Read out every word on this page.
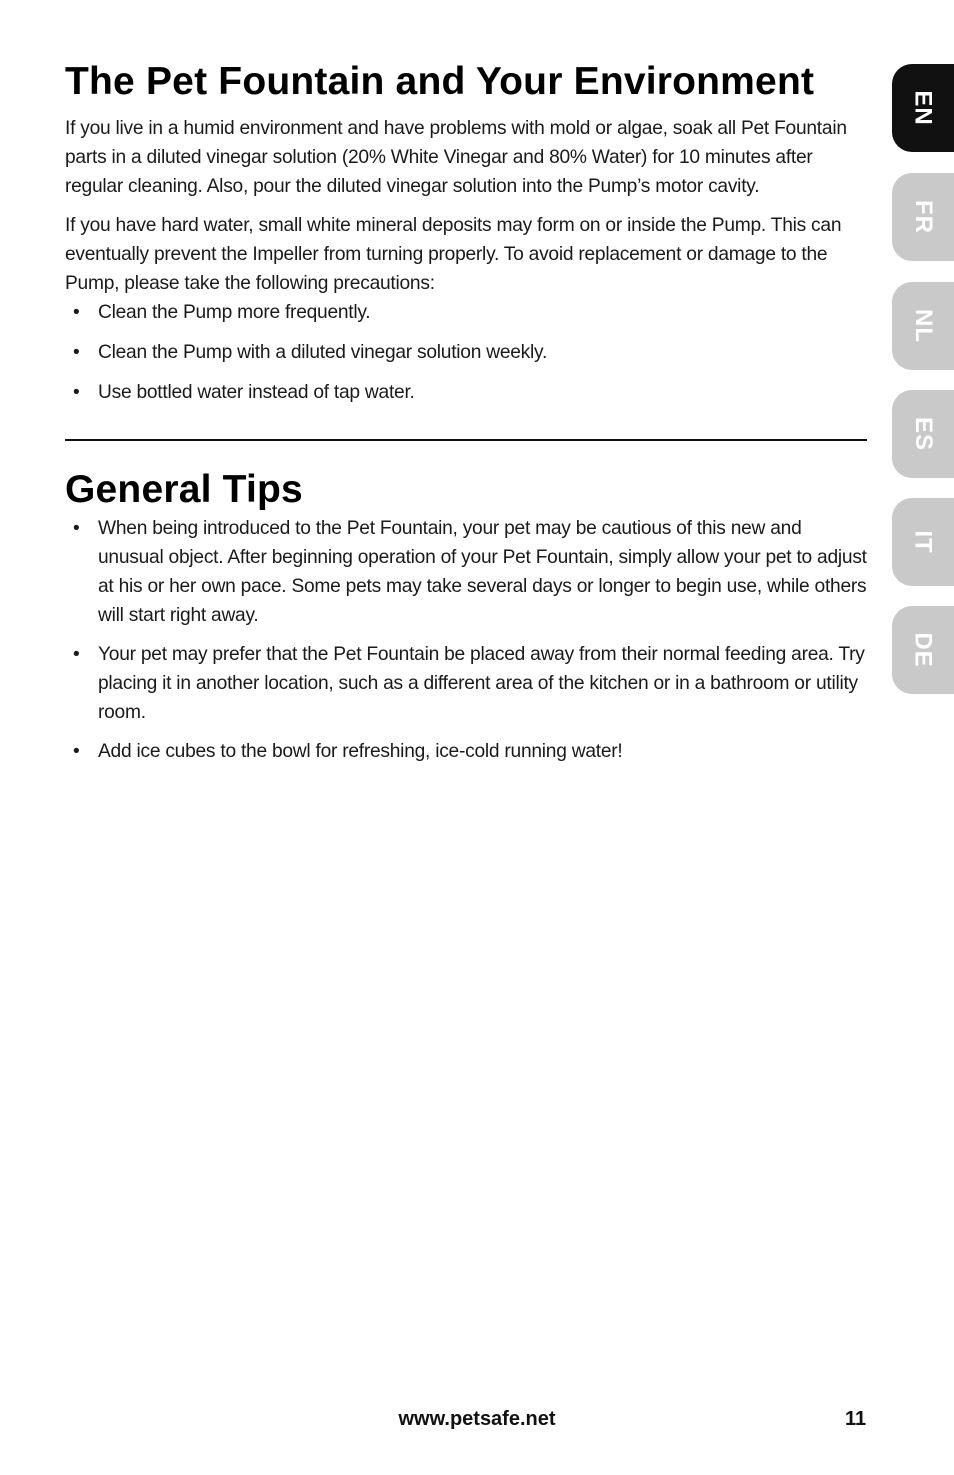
The Pet Fountain and Your Environment

If you live in a humid environment and have problems with mold or algae, soak all Pet Fountain parts in a diluted vinegar solution (20% White Vinegar and 80% Water) for 10 minutes after regular cleaning. Also, pour the diluted vinegar solution into the Pump’s motor cavity.

If you have hard water, small white mineral deposits may form on or inside the Pump. This can eventually prevent the Impeller from turning properly. To avoid replacement or damage to the Pump, please take the following precautions:

• Clean the Pump more frequently.
• Clean the Pump with a diluted vinegar solution weekly.
• Use bottled water instead of tap water.
General Tips
• When being introduced to the Pet Fountain, your pet may be cautious of this new and unusual object. After beginning operation of your Pet Fountain, simply allow your pet to adjust at his or her own pace. Some pets may take several days or longer to begin use, while others will start right away.
• Your pet may prefer that the Pet Fountain be placed away from their normal feeding area. Try placing it in another location, such as a different area of the kitchen or in a bathroom or utility room.
• Add ice cubes to the bowl for refreshing, ice-cold running water!
EN
FR
NL
ES
IT
DE
www.petsafe.net	11
